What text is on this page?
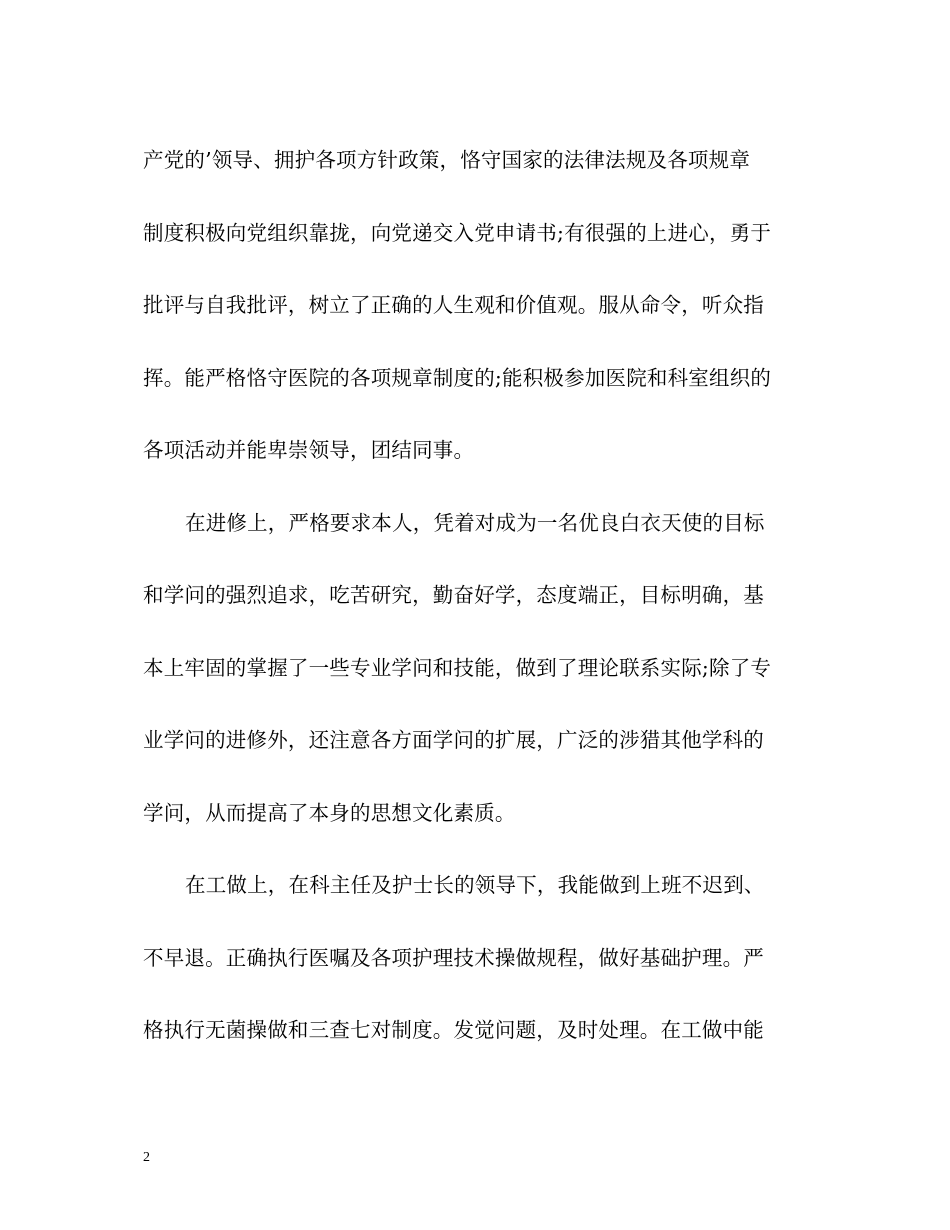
产党的’领导、拥护各项方针政策，恪守国家的法律法规及各项规章
制度积极向党组织靠拢，向党递交入党申请书;有很强的上进心，勇于
批评与自我批评，树立了正确的人生观和价值观。服从命令，听众指
挥。能严格恪守医院的各项规章制度的;能积极参加医院和科室组织的
各项活动并能卑崇领导，团结同事。
在进修上，严格要求本人，凭着对成为一名优良白衣天使的目标
和学问的强烈追求，吃苦研究，勤奋好学，态度端正，目标明确，基
本上牢固的掌握了一些专业学问和技能，做到了理论联系实际;除了专
业学问的进修外，还注意各方面学问的扩展，广泛的涉猎其他学科的
学问，从而提高了本身的思想文化素质。
在工做上，在科主任及护士长的领导下，我能做到上班不迟到、
不早退。正确执行医嘱及各项护理技术操做规程，做好基础护理。严
格执行无菌操做和三查七对制度。发觉问题，及时处理。在工做中能
2
